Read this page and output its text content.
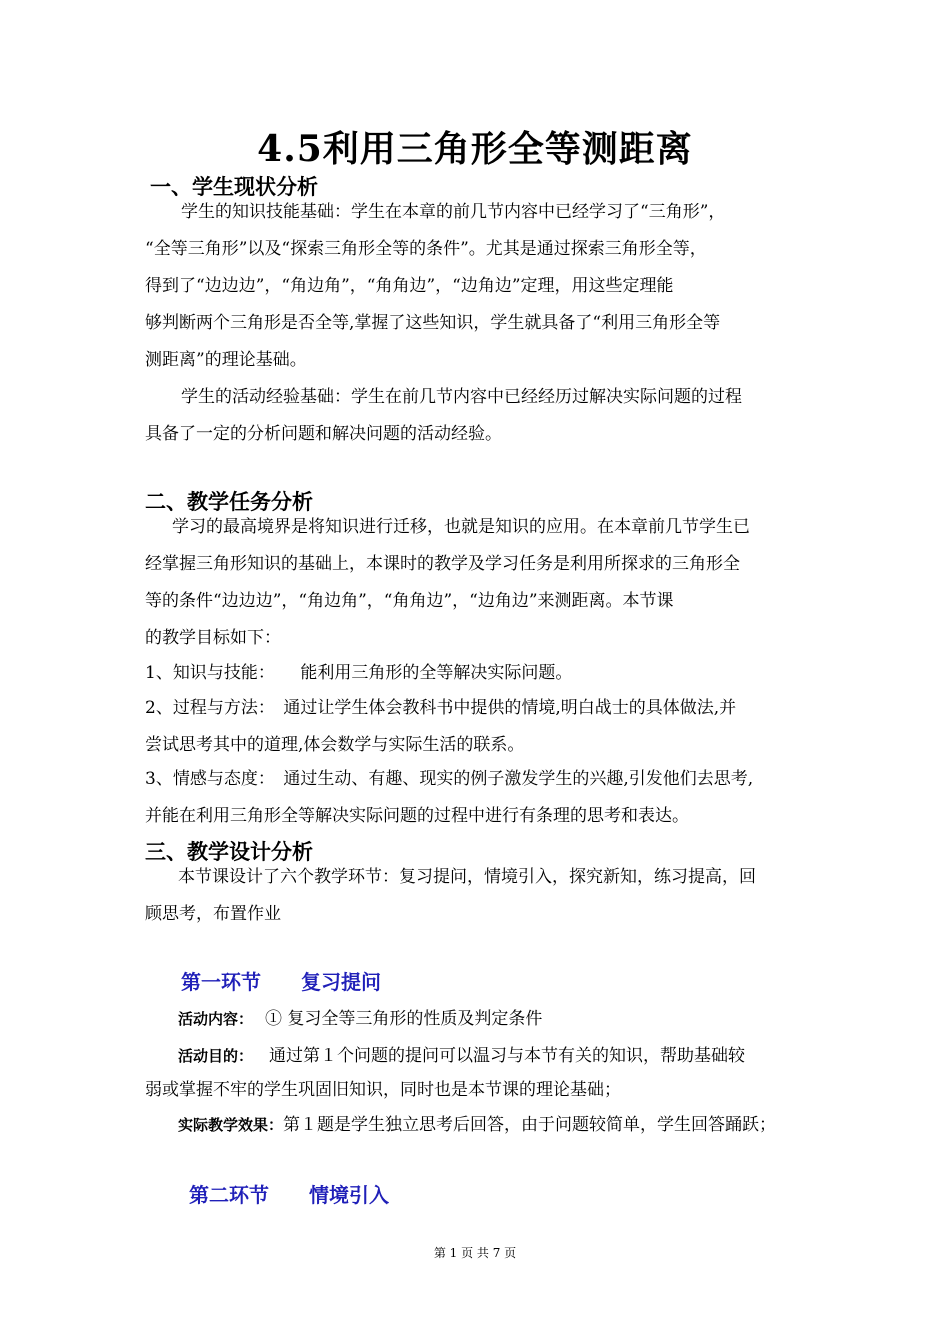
4.5利用三角形全等测距离
一、学生现状分析

学生的知识技能基础：学生在本章的前几节内容中已经学习了“三角形”，

“全等三角形”以及“探索三角形全等的条件”。尤其是通过探索三角形全等，

得到了“边边边”，“角边角”，“角角边”，“边角边”定理，用这些定理能

够判断两个三角形是否全等,掌握了这些知识，学生就具备了“利用三角形全等

测距离”的理论基础。

学生的活动经验基础：学生在前几节内容中已经经历过解决实际问题的过程

具备了一定的分析问题和解决问题的活动经验。

二、教学任务分析

学习的最高境界是将知识进行迁移，也就是知识的应用。在本章前几节学生已

经掌握三角形知识的基础上，本课时的教学及学习任务是利用所探求的三角形全

等的条件“边边边”，“角边角”，“角角边”，“边角边”来测距离。本节课

的教学目标如下：

1、知识与技能：　　能利用三角形的全等解决实际问题。

2、过程与方法：　通过让学生体会教科书中提供的情境,明白战士的具体做法,并

尝试思考其中的道理,体会数学与实际生活的联系。

3、情感与态度：　通过生动、有趣、现实的例子激发学生的兴趣,引发他们去思考,

并能在利用三角形全等解决实际问题的过程中进行有条理的思考和表达。

三、教学设计分析

本节课设计了六个教学环节：复习提问，情境引入，探究新知，练习提高，回

顾思考，布置作业

第一环节　　复习提问
活动内容： ① 复习全等三角形的性质及判定条件
活动目的： 通过第１个问题的提问可以温习与本节有关的知识，帮助基础较

弱或掌握不牢的学生巩固旧知识，同时也是本节课的理论基础；

实际教学效果：第１题是学生独立思考后回答，由于问题较简单，学生回答踊跃；
第二环节　　情境引入
第 1 页 共 7 页
